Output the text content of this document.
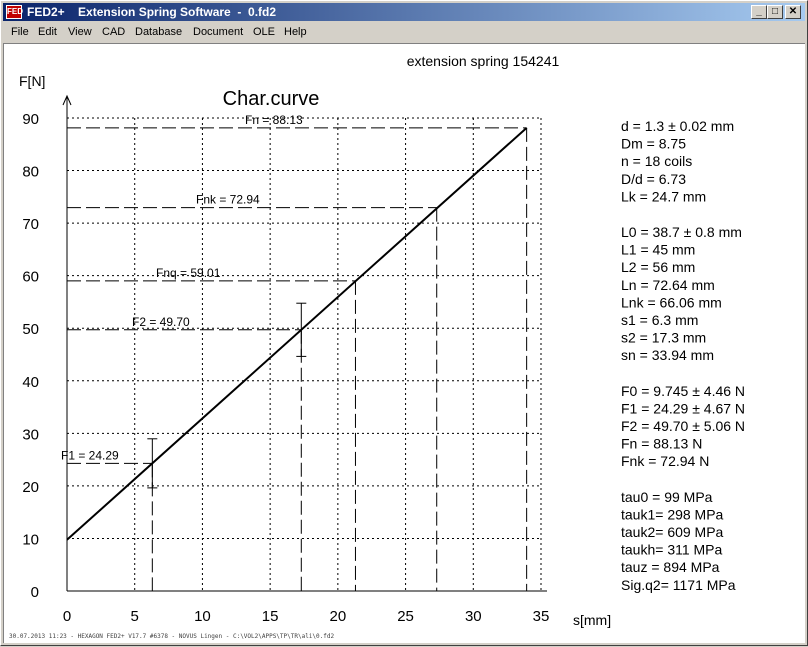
FED FED2+    Extension Spring Software  -  0.fd2	_	□	✕
File Edit View CAD Database Document OLE Help
extension spring 154241
Char.curve
F[N]
s[mm]
0	5	10	15	20	25	30	35
0
10
20
30
40
50
60
70
80
90
F1 = 24.29
F2 = 49.70
Fnq = 59.01
Fnk = 72.94
Fn = 88.13	d = 1.3 ± 0.02 mm
Dm = 8.75
n = 18 coils
D/d = 6.73
Lk = 24.7 mm
L0 = 38.7 ± 0.8 mm
L1 = 45 mm
L2 = 56 mm
Ln = 72.64 mm
Lnk = 66.06 mm
s1 = 6.3 mm
s2 = 17.3 mm
sn = 33.94 mm
F0 = 9.745 ± 4.46 N
F1 = 24.29 ± 4.67 N
F2 = 49.70 ± 5.06 N
Fn = 88.13 N
Fnk = 72.94 N
tau0 = 99 MPa
tauk1= 298 MPa
tauk2= 609 MPa
taukh= 311 MPa
tauz = 894 MPa
Sig.q2= 1171 MPa
30.07.2013 11:23 - HEXAGON FED2+ V17.7 #6378 - NOVUS Lingen - C:\VOL2\APPS\TP\TR\ali\0.fd2
